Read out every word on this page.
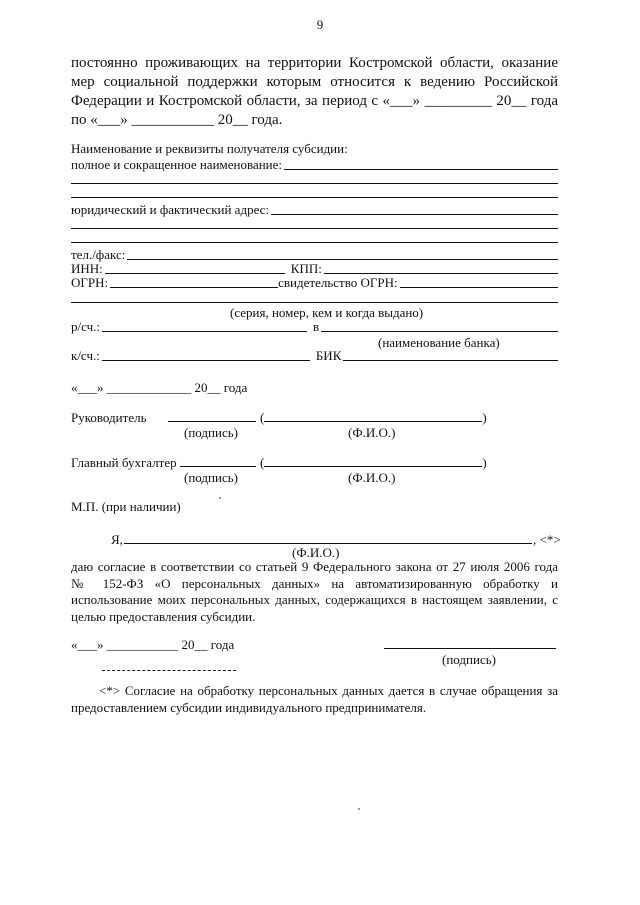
9
постоянно проживающих на территории Костромской области, оказание
мер социальной поддержки которым относится к ведению Российской
Федерации и Костромской области, за период с «___» _________ 20__ года
по «___» ___________ 20__ года.
Наименование и реквизиты получателя субсидии:
полное и сокращенное наименование:
юридический и фактический адрес:
тел./факс:
ИНН:	КПП:
ОГРН:	свидетельство ОГРН:
(серия, номер, кем и когда выдано)
р/сч.:	в
(наименование банка)
к/сч.:	БИК
«___» _____________ 20__ года
Руководитель	(	)
(подпись)	(Ф.И.О.)
Главный бухгалтер	(	)
(подпись)	(Ф.И.О.)
М.П. (при наличии)
Я,	, <*>
(Ф.И.О.)
даю согласие в соответствии со статьей 9 Федерального закона от 27 июля 2006 года
№ 152-ФЗ «О персональных данных» на автоматизированную обработку и
использование моих персональных данных, содержащихся в настоящем заявлении, с
целью предоставления субсидии.
«___» ___________ 20__ года
(подпись)
<*> Согласие на обработку персональных данных дается в случае обращения за
предоставлением субсидии индивидуального предпринимателя.
